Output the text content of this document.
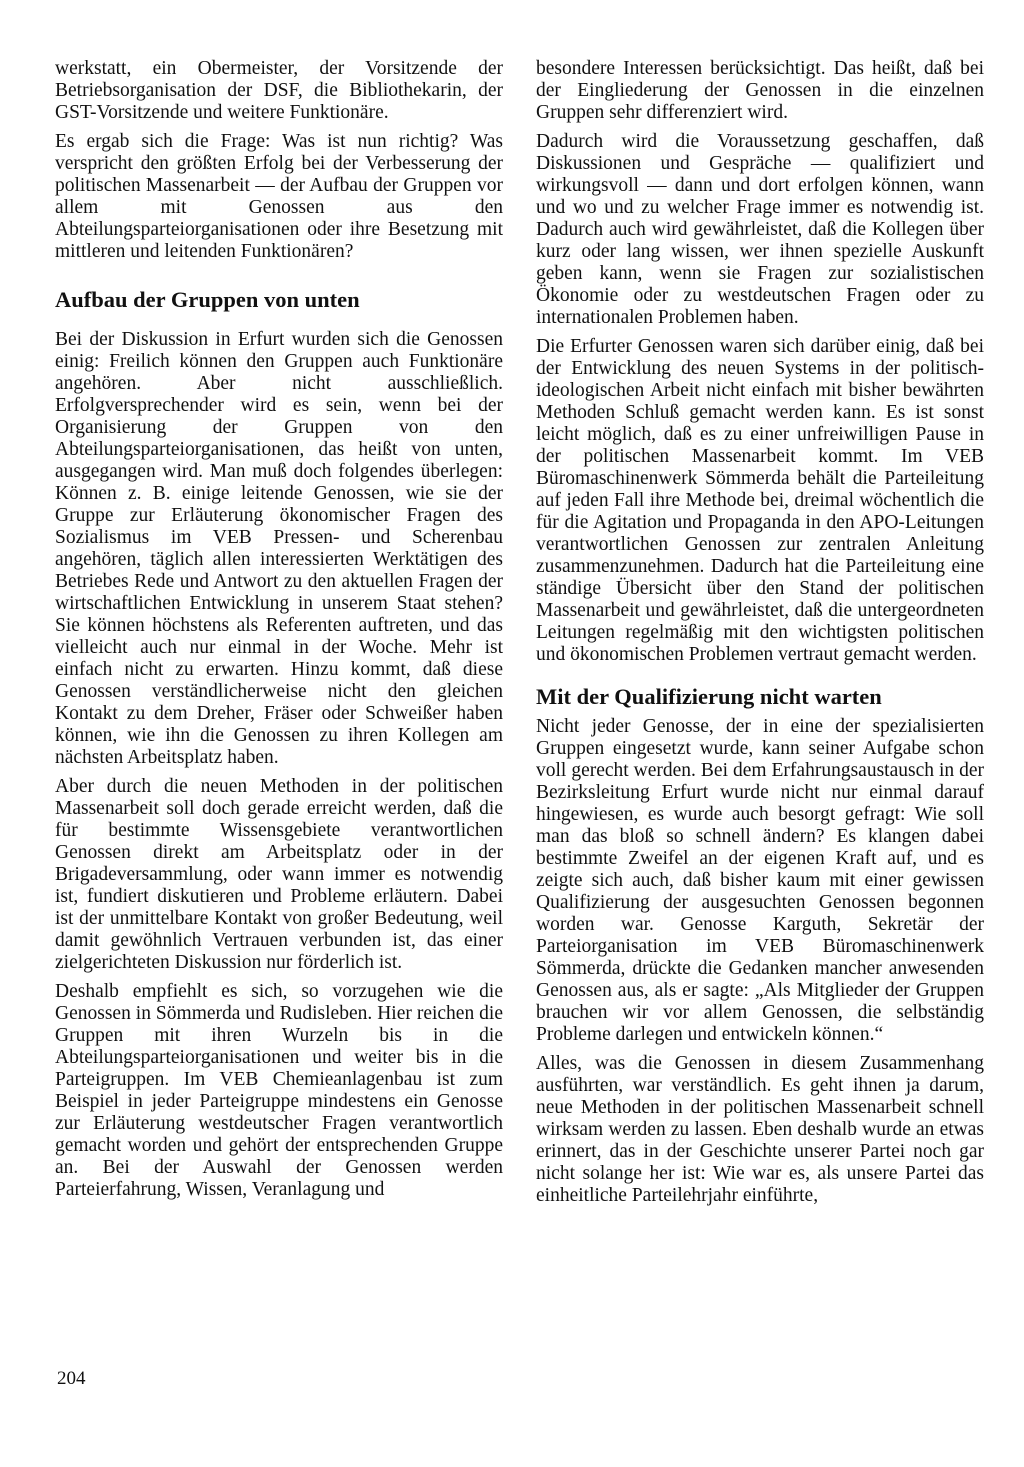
werkstatt, ein Obermeister, der Vorsitzende der Betriebsorganisation der DSF, die Bibliothekarin, der GST-Vorsitzende und weitere Funktionäre.

Es ergab sich die Frage: Was ist nun richtig? Was verspricht den größten Erfolg bei der Verbesserung der politischen Massenarbeit — der Aufbau der Gruppen vor allem mit Genossen aus den Abteilungsparteiorganisationen oder ihre Besetzung mit mittleren und leitenden Funktionären?

Aufbau der Gruppen von unten

Bei der Diskussion in Erfurt wurden sich die Genossen einig: Freilich können den Gruppen auch Funktionäre angehören. Aber nicht ausschließlich. Erfolgversprechender wird es sein, wenn bei der Organisierung der Gruppen von den Abteilungsparteiorganisationen, das heißt von unten, ausgegangen wird. Man muß doch folgendes überlegen: Können z. B. einige leitende Genossen, wie sie der Gruppe zur Erläuterung ökonomischer Fragen des Sozialismus im VEB Pressen- und Scherenbau angehören, täglich allen interessierten Werktätigen des Betriebes Rede und Antwort zu den aktuellen Fragen der wirtschaftlichen Entwicklung in unserem Staat stehen? Sie können höchstens als Referenten auftreten, und das vielleicht auch nur einmal in der Woche. Mehr ist einfach nicht zu erwarten. Hinzu kommt, daß diese Genossen verständlicherweise nicht den gleichen Kontakt zu dem Dreher, Fräser oder Schweißer haben können, wie ihn die Genossen zu ihren Kollegen am nächsten Arbeitsplatz haben.

Aber durch die neuen Methoden in der politischen Massenarbeit soll doch gerade erreicht werden, daß die für bestimmte Wissensgebiete verantwortlichen Genossen direkt am Arbeitsplatz oder in der Brigadeversammlung, oder wann immer es notwendig ist, fundiert diskutieren und Probleme erläutern. Dabei ist der unmittelbare Kontakt von großer Bedeutung, weil damit gewöhnlich Vertrauen verbunden ist, das einer zielgerichteten Diskussion nur förderlich ist.

Deshalb empfiehlt es sich, so vorzugehen wie die Genossen in Sömmerda und Rudisleben. Hier reichen die Gruppen mit ihren Wurzeln bis in die Abteilungsparteiorganisationen und weiter bis in die Parteigruppen. Im VEB Chemieanlagenbau ist zum Beispiel in jeder Parteigruppe mindestens ein Genosse zur Erläuterung westdeutscher Fragen verantwortlich gemacht worden und gehört der entsprechenden Gruppe an. Bei der Auswahl der Genossen werden Parteierfahrung, Wissen, Veranlagung und

besondere Interessen berücksichtigt. Das heißt, daß bei der Eingliederung der Genossen in die einzelnen Gruppen sehr differenziert wird.

Dadurch wird die Voraussetzung geschaffen, daß Diskussionen und Gespräche — qualifiziert und wirkungsvoll — dann und dort erfolgen können, wann und wo und zu welcher Frage immer es notwendig ist. Dadurch auch wird gewährleistet, daß die Kollegen über kurz oder lang wissen, wer ihnen spezielle Auskunft geben kann, wenn sie Fragen zur sozialistischen Ökonomie oder zu westdeutschen Fragen oder zu internationalen Problemen haben.

Die Erfurter Genossen waren sich darüber einig, daß bei der Entwicklung des neuen Systems in der politisch-ideologischen Arbeit nicht einfach mit bisher bewährten Methoden Schluß gemacht werden kann. Es ist sonst leicht möglich, daß es zu einer unfreiwilligen Pause in der politischen Massenarbeit kommt. Im VEB Büromaschinenwerk Sömmerda behält die Parteileitung auf jeden Fall ihre Methode bei, dreimal wöchentlich die für die Agitation und Propaganda in den APO-Leitungen verantwortlichen Genossen zur zentralen Anleitung zusammenzunehmen. Dadurch hat die Parteileitung eine ständige Übersicht über den Stand der politischen Massenarbeit und gewährleistet, daß die untergeordneten Leitungen regelmäßig mit den wichtigsten politischen und ökonomischen Problemen vertraut gemacht werden.

Mit der Qualifizierung nicht warten

Nicht jeder Genosse, der in eine der spezialisierten Gruppen eingesetzt wurde, kann seiner Aufgabe schon voll gerecht werden. Bei dem Erfahrungsaustausch in der Bezirksleitung Erfurt wurde nicht nur einmal darauf hingewiesen, es wurde auch besorgt gefragt: Wie soll man das bloß so schnell ändern? Es klangen dabei bestimmte Zweifel an der eigenen Kraft auf, und es zeigte sich auch, daß bisher kaum mit einer gewissen Qualifizierung der ausgesuchten Genossen begonnen worden war. Genosse Karguth, Sekretär der Parteiorganisation im VEB Büromaschinenwerk Sömmerda, drückte die Gedanken mancher anwesenden Genossen aus, als er sagte: „Als Mitglieder der Gruppen brauchen wir vor allem Genossen, die selbständig Probleme darlegen und entwickeln können.“

Alles, was die Genossen in diesem Zusammenhang ausführten, war verständlich. Es geht ihnen ja darum, neue Methoden in der politischen Massenarbeit schnell wirksam werden zu lassen. Eben deshalb wurde an etwas erinnert, das in der Geschichte unserer Partei noch gar nicht solange her ist: Wie war es, als unsere Partei das einheitliche Parteilehrjahr einführte,

204
